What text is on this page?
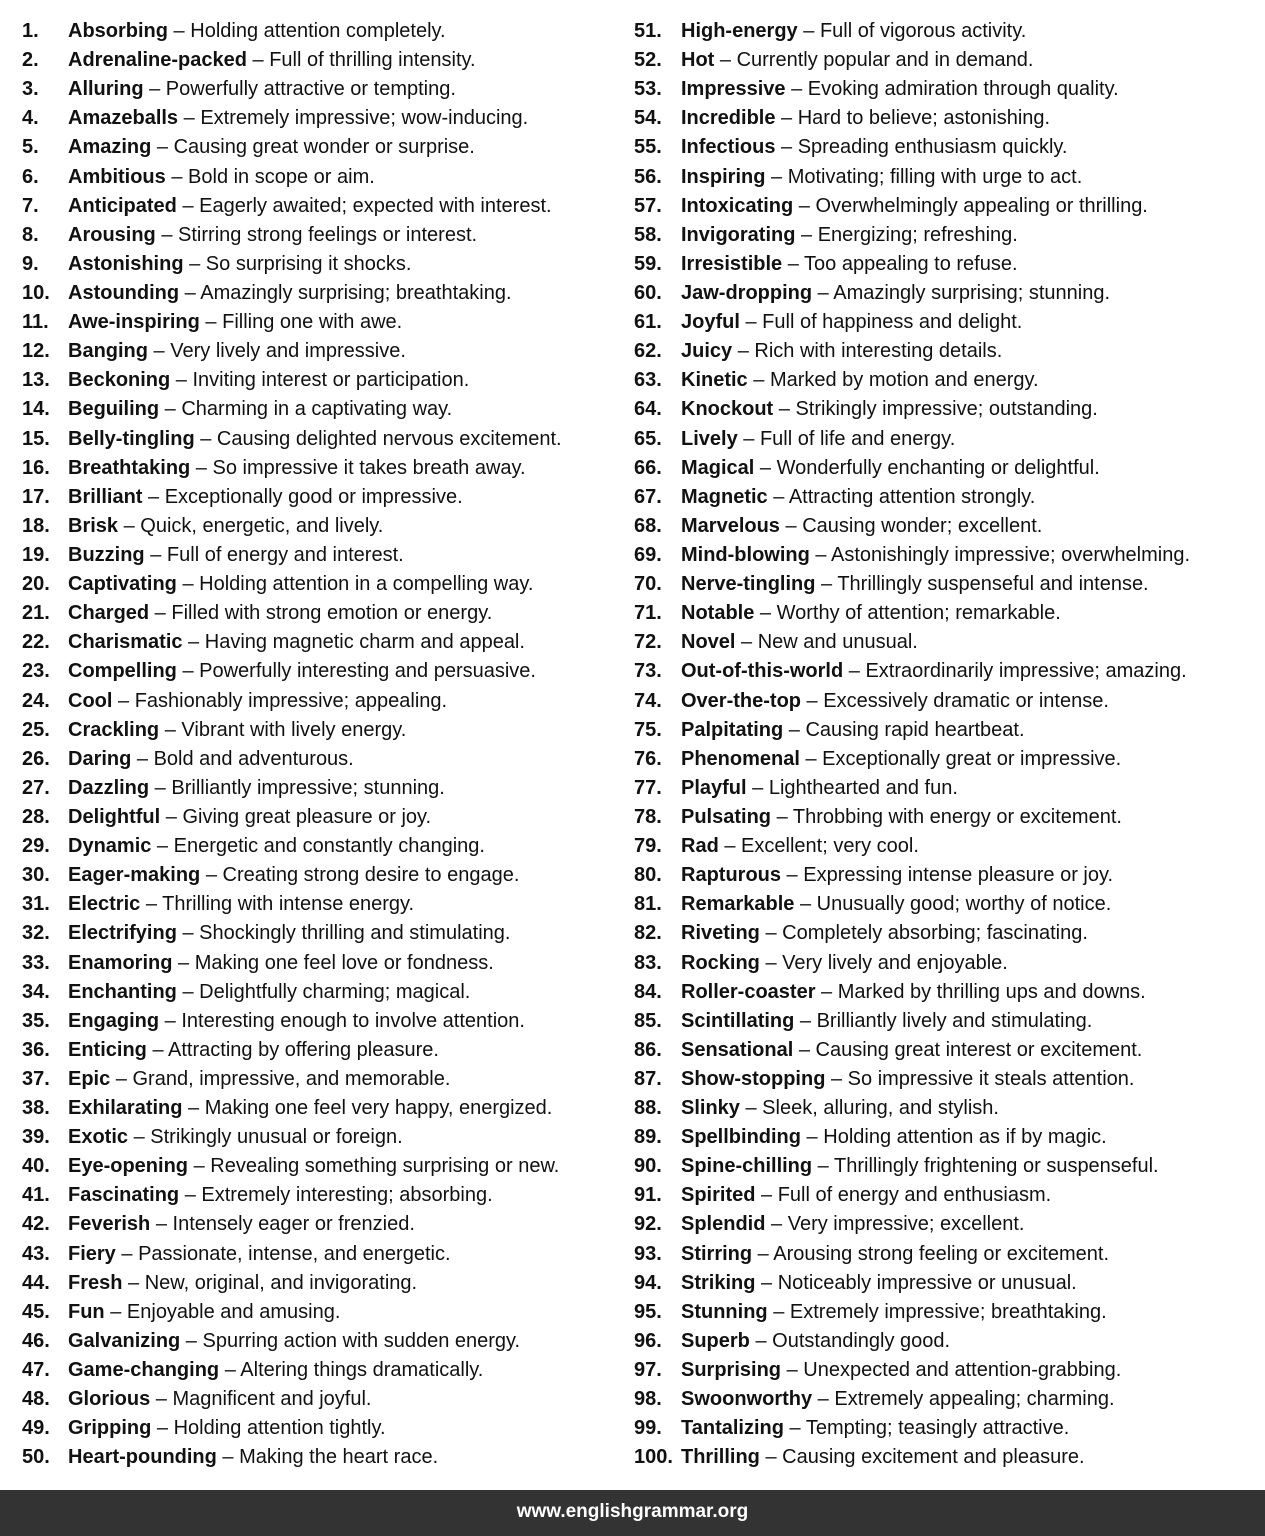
1. Absorbing – Holding attention completely.
2. Adrenaline-packed – Full of thrilling intensity.
3. Alluring – Powerfully attractive or tempting.
4. Amazeballs – Extremely impressive; wow-inducing.
5. Amazing – Causing great wonder or surprise.
6. Ambitious – Bold in scope or aim.
7. Anticipated – Eagerly awaited; expected with interest.
8. Arousing – Stirring strong feelings or interest.
9. Astonishing – So surprising it shocks.
10. Astounding – Amazingly surprising; breathtaking.
11. Awe-inspiring – Filling one with awe.
12. Banging – Very lively and impressive.
13. Beckoning – Inviting interest or participation.
14. Beguiling – Charming in a captivating way.
15. Belly-tingling – Causing delighted nervous excitement.
16. Breathtaking – So impressive it takes breath away.
17. Brilliant – Exceptionally good or impressive.
18. Brisk – Quick, energetic, and lively.
19. Buzzing – Full of energy and interest.
20. Captivating – Holding attention in a compelling way.
21. Charged – Filled with strong emotion or energy.
22. Charismatic – Having magnetic charm and appeal.
23. Compelling – Powerfully interesting and persuasive.
24. Cool – Fashionably impressive; appealing.
25. Crackling – Vibrant with lively energy.
26. Daring – Bold and adventurous.
27. Dazzling – Brilliantly impressive; stunning.
28. Delightful – Giving great pleasure or joy.
29. Dynamic – Energetic and constantly changing.
30. Eager-making – Creating strong desire to engage.
31. Electric – Thrilling with intense energy.
32. Electrifying – Shockingly thrilling and stimulating.
33. Enamoring – Making one feel love or fondness.
34. Enchanting – Delightfully charming; magical.
35. Engaging – Interesting enough to involve attention.
36. Enticing – Attracting by offering pleasure.
37. Epic – Grand, impressive, and memorable.
38. Exhilarating – Making one feel very happy, energized.
39. Exotic – Strikingly unusual or foreign.
40. Eye-opening – Revealing something surprising or new.
41. Fascinating – Extremely interesting; absorbing.
42. Feverish – Intensely eager or frenzied.
43. Fiery – Passionate, intense, and energetic.
44. Fresh – New, original, and invigorating.
45. Fun – Enjoyable and amusing.
46. Galvanizing – Spurring action with sudden energy.
47. Game-changing – Altering things dramatically.
48. Glorious – Magnificent and joyful.
49. Gripping – Holding attention tightly.
50. Heart-pounding – Making the heart race.
51. High-energy – Full of vigorous activity.
52. Hot – Currently popular and in demand.
53. Impressive – Evoking admiration through quality.
54. Incredible – Hard to believe; astonishing.
55. Infectious – Spreading enthusiasm quickly.
56. Inspiring – Motivating; filling with urge to act.
57. Intoxicating – Overwhelmingly appealing or thrilling.
58. Invigorating – Energizing; refreshing.
59. Irresistible – Too appealing to refuse.
60. Jaw-dropping – Amazingly surprising; stunning.
61. Joyful – Full of happiness and delight.
62. Juicy – Rich with interesting details.
63. Kinetic – Marked by motion and energy.
64. Knockout – Strikingly impressive; outstanding.
65. Lively – Full of life and energy.
66. Magical – Wonderfully enchanting or delightful.
67. Magnetic – Attracting attention strongly.
68. Marvelous – Causing wonder; excellent.
69. Mind-blowing – Astonishingly impressive; overwhelming.
70. Nerve-tingling – Thrillingly suspenseful and intense.
71. Notable – Worthy of attention; remarkable.
72. Novel – New and unusual.
73. Out-of-this-world – Extraordinarily impressive; amazing.
74. Over-the-top – Excessively dramatic or intense.
75. Palpitating – Causing rapid heartbeat.
76. Phenomenal – Exceptionally great or impressive.
77. Playful – Lighthearted and fun.
78. Pulsating – Throbbing with energy or excitement.
79. Rad – Excellent; very cool.
80. Rapturous – Expressing intense pleasure or joy.
81. Remarkable – Unusually good; worthy of notice.
82. Riveting – Completely absorbing; fascinating.
83. Rocking – Very lively and enjoyable.
84. Roller-coaster – Marked by thrilling ups and downs.
85. Scintillating – Brilliantly lively and stimulating.
86. Sensational – Causing great interest or excitement.
87. Show-stopping – So impressive it steals attention.
88. Slinky – Sleek, alluring, and stylish.
89. Spellbinding – Holding attention as if by magic.
90. Spine-chilling – Thrillingly frightening or suspenseful.
91. Spirited – Full of energy and enthusiasm.
92. Splendid – Very impressive; excellent.
93. Stirring – Arousing strong feeling or excitement.
94. Striking – Noticeably impressive or unusual.
95. Stunning – Extremely impressive; breathtaking.
96. Superb – Outstandingly good.
97. Surprising – Unexpected and attention-grabbing.
98. Swoonworthy – Extremely appealing; charming.
99. Tantalizing – Tempting; teasingly attractive.
100. Thrilling – Causing excitement and pleasure.
www.englishgrammar.org
